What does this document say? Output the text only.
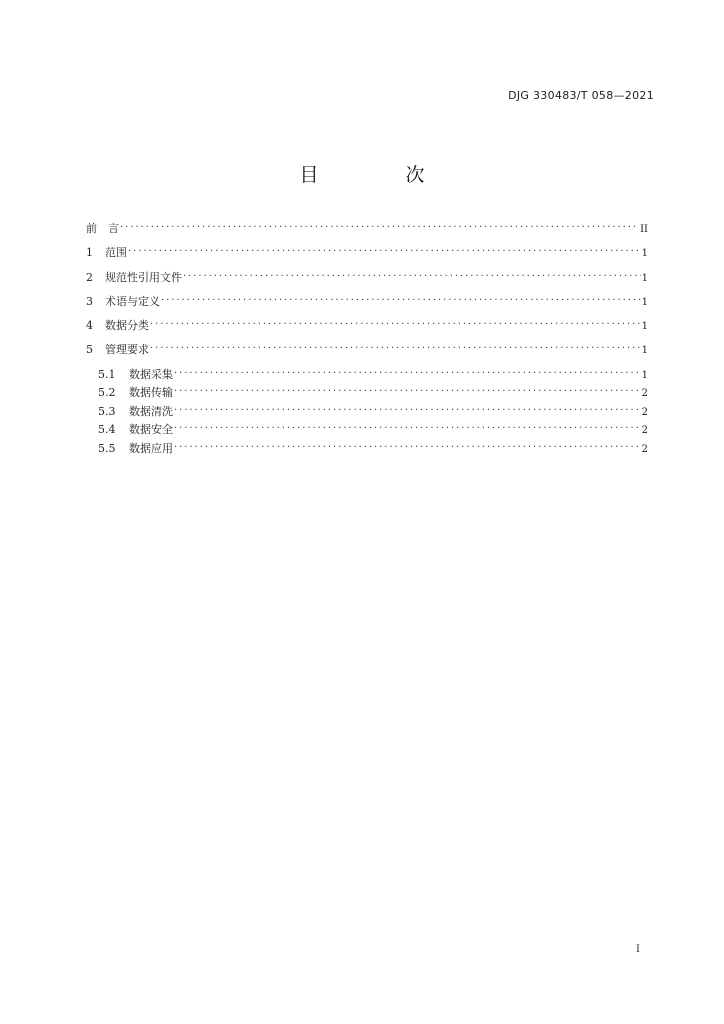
DJG 330483/T 058—2021
目　次
前　言 .....	II
1	范围 .....	1
2	规范性引用文件 .....	1
3	术语与定义 .....	1
4	数据分类 .....	1
5	管理要求 .....	1
5.1	数据采集 .....	1
5.2	数据传输 .....	2
5.3	数据清洗 .....	2
5.4	数据安全 .....	2
5.5	数据应用 .....	2
I
